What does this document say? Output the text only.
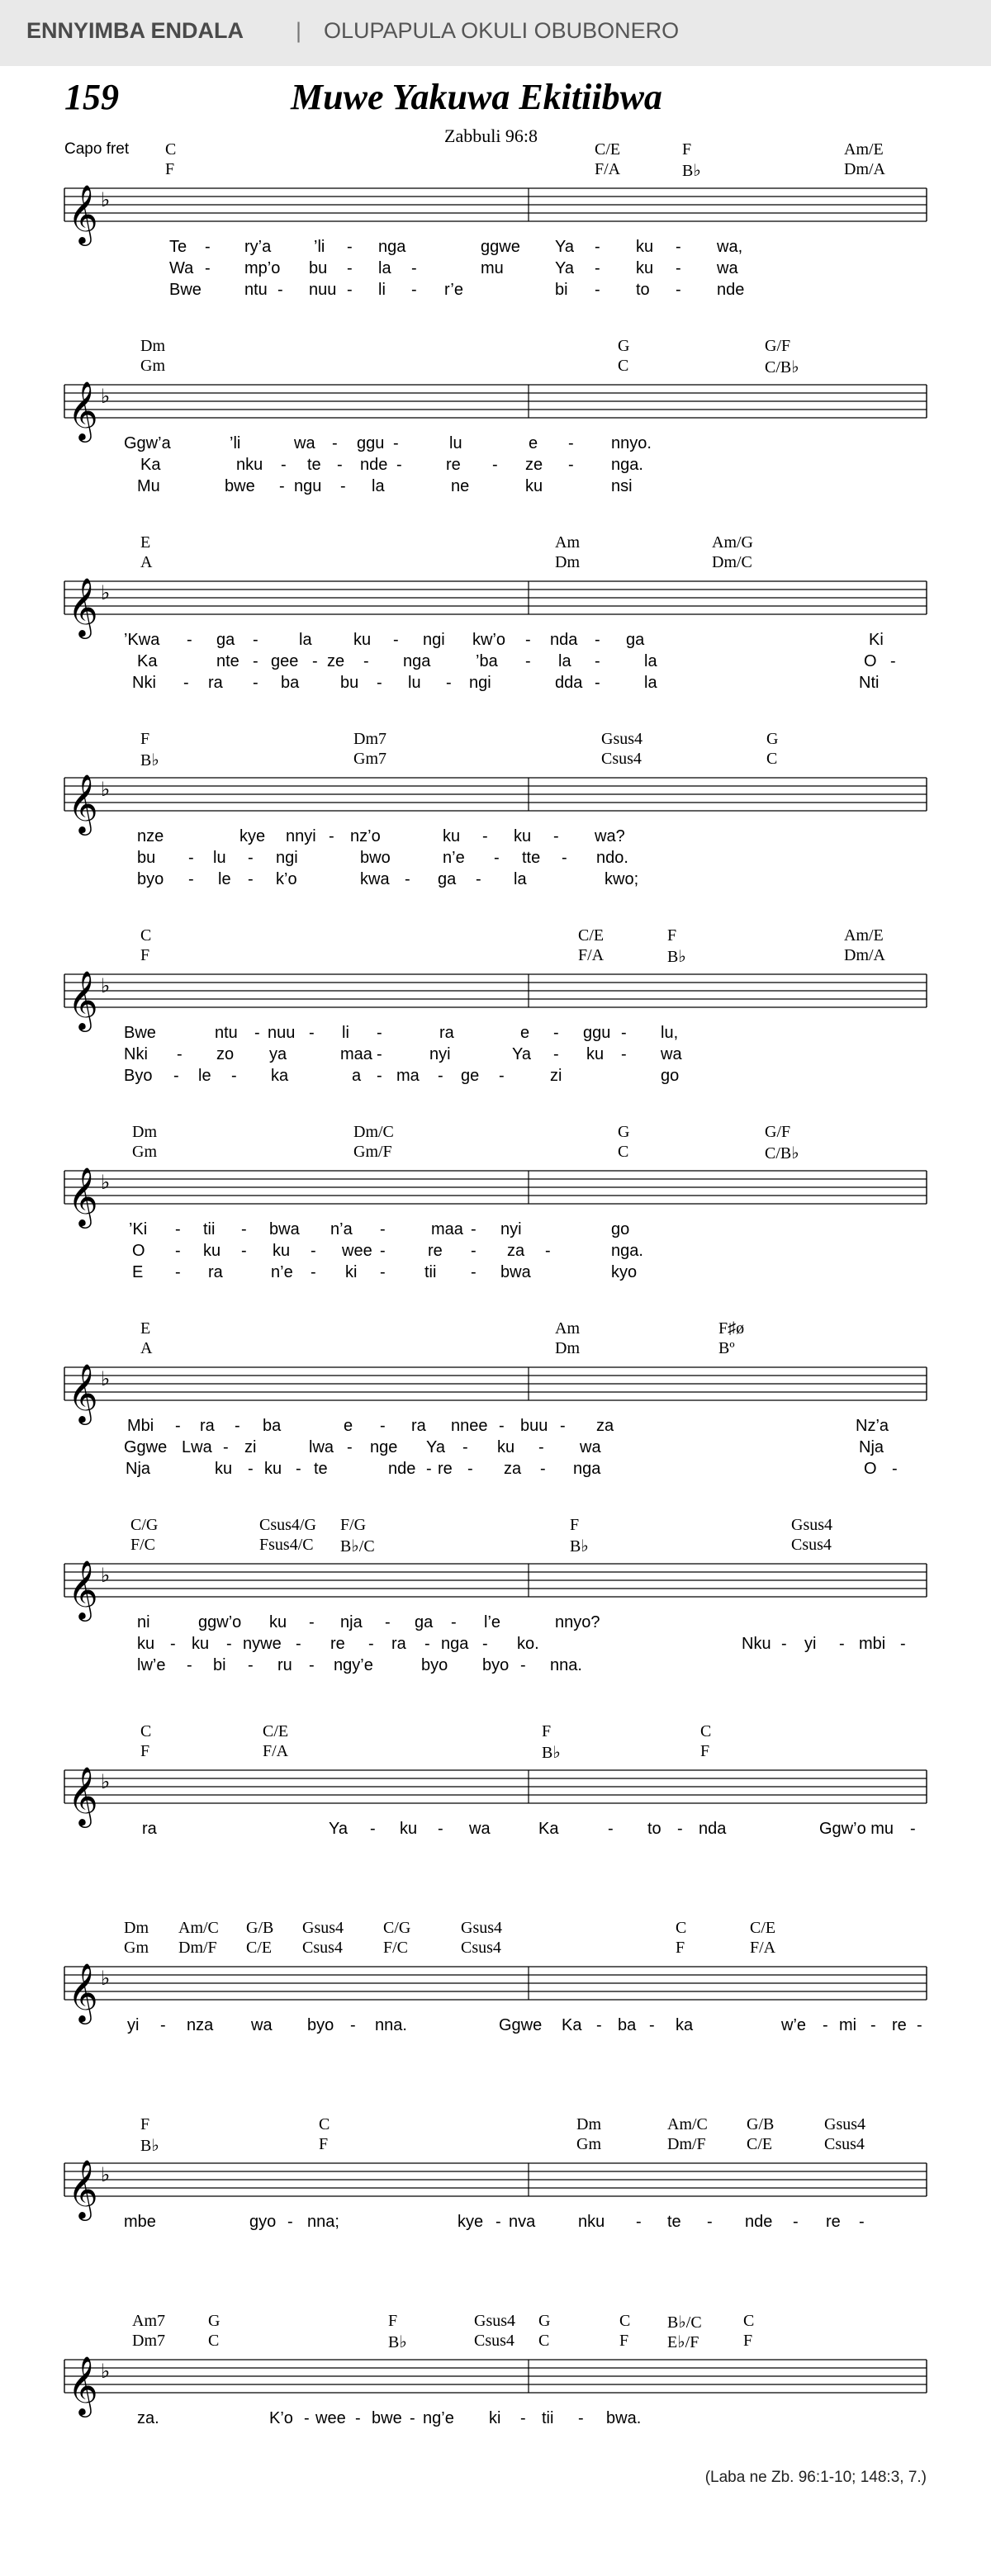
ENNYIMBA ENDALA | OLUPAPULA OKULI OBUBONERO
159	Muwe Yakuwa Ekitiibwa
Zabbuli 96:8
Capo fret C
F
C/E
F/A
F
B♭
Am/E
Dm/A
𝄞 ♭
Te - ry’a	’li - nga	ggwe Ya - ku - wa,
Wa - mp’o bu - la -	mu	Ya - ku - wa
Bwe	ntu - nuu - li - r’e	bi - to - nde
Dm
Gm
G
C
G/F
C/B♭
𝄞 ♭
Ggw’a	’li	wa - ggu -	lu	e - nnyo.
Ka	nku - te - nde -	re - ze - nga.
Mu	bwe - ngu - la	ne	ku	nsi
E
A
Am
Dm
Am/G
Dm/C
𝄞 ♭
’Kwa - ga - la	ku - ngi kw’o - nda - ga	Ki
Ka	nte - gee - ze - nga	’ba - la -	la	O -
Nki - ra - ba bu - lu - ngi	dda -	la	Nti
F
B♭
Dm7
Gm7
Gsus4
Csus4
G
C
𝄞 ♭
nze	kye nnyi - nz’o	ku - ku - wa?
bu - lu - ngi	bwo	n’e - tte - ndo.
byo - le - k’o	kwa - ga - la	kwo;
C
F
C/E
F/A
F
B♭
Am/E
Dm/A
𝄞 ♭
Bwe	ntu - nuu - li -	ra	e - ggu - lu,
Nki - zo ya	maa -	nyi	Ya - ku - wa
Byo - le - ka	a - ma - ge -	zi	go
Dm
Gm
Dm/C
Gm/F
G
C
G/F
C/B♭
𝄞 ♭
’Ki - tii - bwa n’a -	maa - nyi	go
O - ku - ku - wee -	re - za -	nga.
E - ra	n’e - ki - tii - bwa	kyo
E
A
Am
Dm
F♯ø
Bº
𝄞 ♭
Mbi - ra - ba	e - ra nnee - buu - za	Nz’a
Ggwe Lwa - zi	lwa - nge Ya - ku - wa	Nja
Nja	ku - ku - te	nde - re - za - nga	O -
C/G
F/C
Csus4/G
Fsus4/C
F/G
B♭/C
F
B♭
Gsus4
Csus4
𝄞 ♭
ni	ggw’o ku - nja - ga - l’e	nnyo?
ku - ku - nywe - re - ra - nga - ko.	Nku - yi - mbi -
lw’e - bi - ru - ngy’e	byo byo - nna.
C
F
C/E
F/A
F
B♭
C
F
𝄞 ♭
ra	Ya - ku - wa	Ka	- to - nda	Ggw’o mu -
Dm
Gm
Am/C
Dm/F
G/B
C/E
Gsus4
Csus4
C/G
F/C
Gsus4
Csus4
C
F
C/E
F/A
𝄞 ♭
yi - nza wa byo - nna.	Ggwe Ka - ba - ka	w’e - mi - re -
F
B♭
C
F
Dm
Gm
Am/C
Dm/F
G/B
C/E
Gsus4
Csus4
𝄞 ♭
mbe	gyo - nna;	kye - nva	nku - te - nde - re -
Am7
Dm7
G
C
F
B♭
Gsus4
Csus4
G
C
C
F
B♭/C
E♭/F
C
F
𝄞 ♭
za.	K’o - wee - bwe - ng’e ki - tii - bwa.
(Laba ne Zb. 96:1-10; 148:3, 7.)
